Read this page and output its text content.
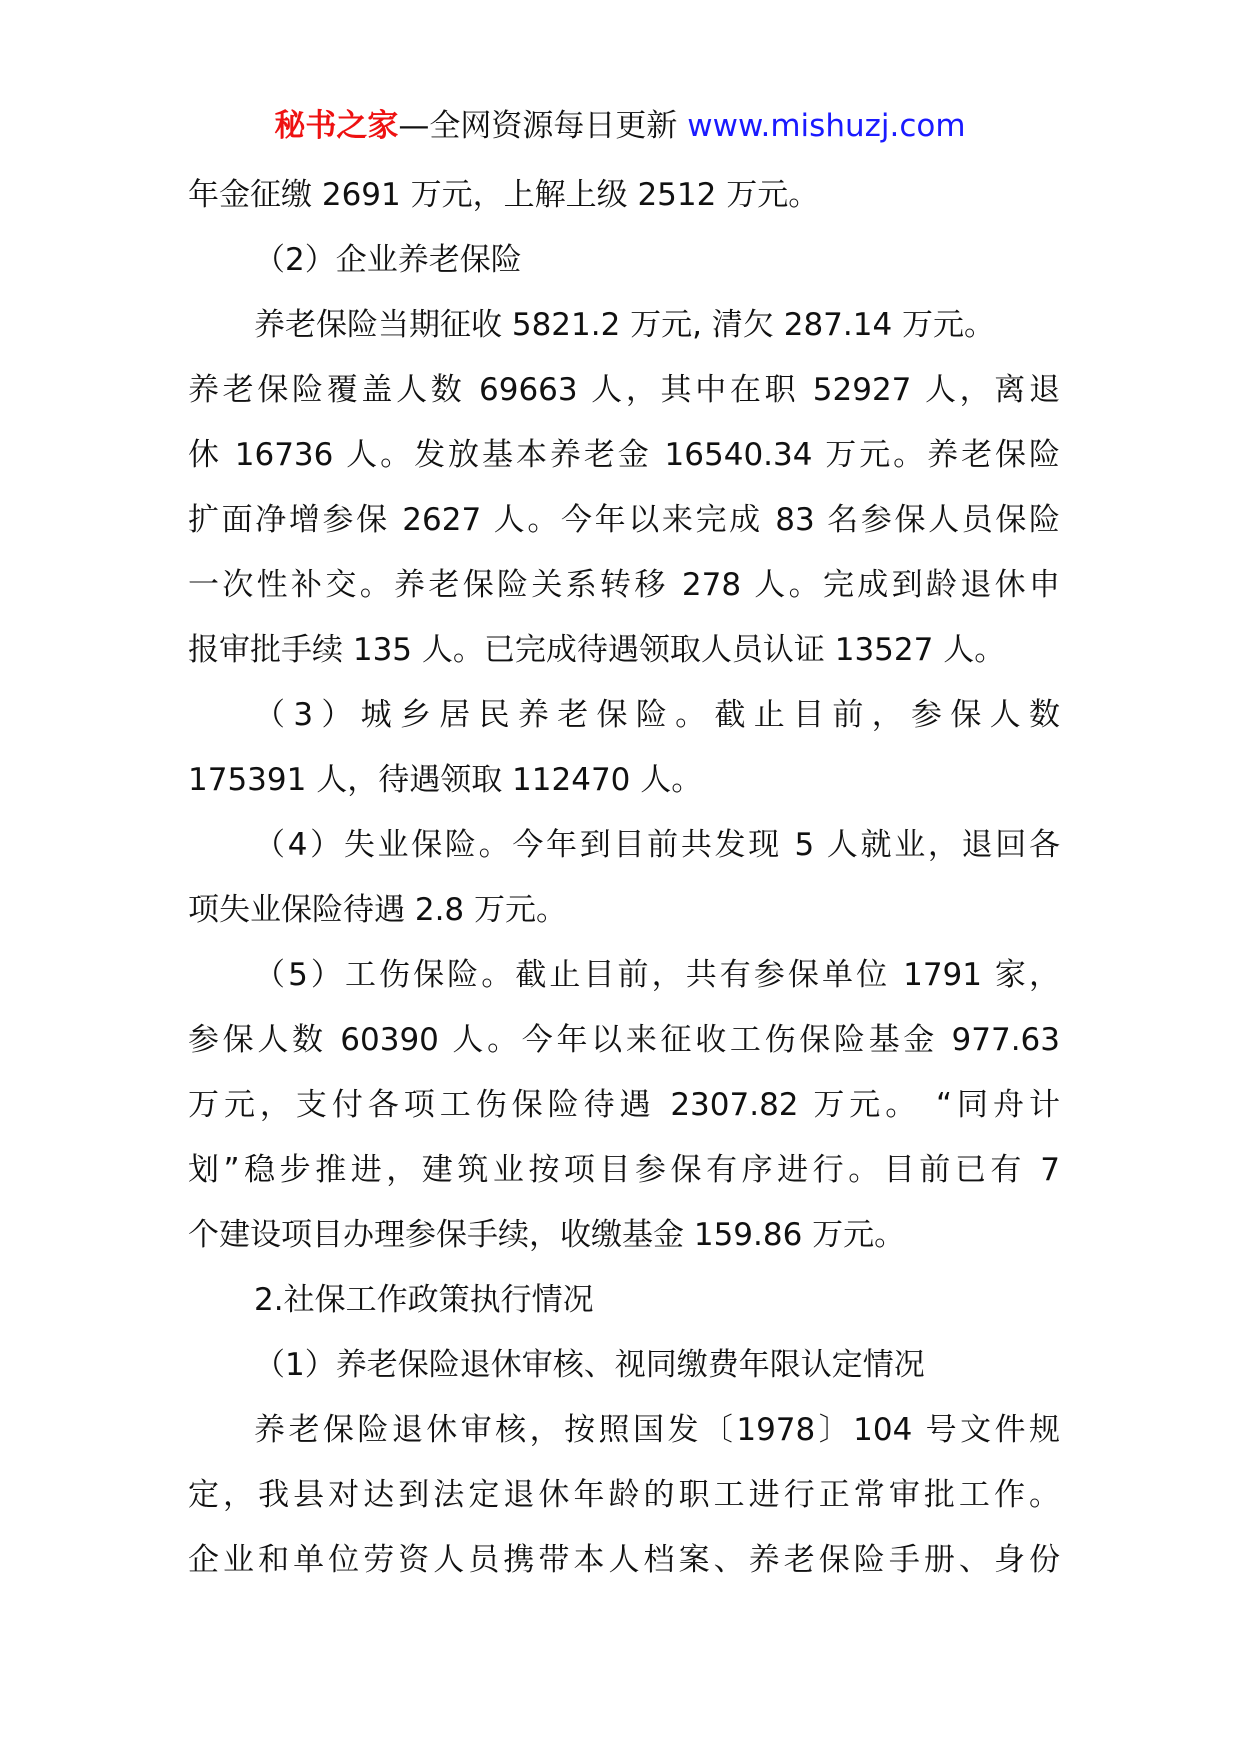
秘书之家—全网资源每日更新 www.mishuzj.com
年金征缴 2691 万元，上解上级 2512 万元。
（2）企业养老保险
养老保险当期征收 5821.2 万元, 清欠 287.14 万元。
养老保险覆盖人数 69663 人，其中在职 52927 人，离退
休 16736 人。发放基本养老金 16540.34 万元。养老保险
扩面净增参保 2627 人。今年以来完成 83 名参保人员保险
一次性补交。养老保险关系转移 278 人。完成到龄退休申
报审批手续 135 人。已完成待遇领取人员认证 13527 人。
（3）城乡居民养老保险。截止目前，参保人数
175391 人，待遇领取 112470 人。
（4）失业保险。今年到目前共发现 5 人就业，退回各
项失业保险待遇 2.8 万元。
（5）工伤保险。截止目前，共有参保单位 1791 家，
参保人数 60390 人。今年以来征收工伤保险基金 977.63
万元，支付各项工伤保险待遇 2307.82 万元。 “同舟计
划”稳步推进，建筑业按项目参保有序进行。目前已有 7
个建设项目办理参保手续，收缴基金 159.86 万元。
2.社保工作政策执行情况
（1）养老保险退休审核、视同缴费年限认定情况
养老保险退休审核，按照国发〔1978〕104 号文件规
定，我县对达到法定退休年龄的职工进行正常审批工作。
企业和单位劳资人员携带本人档案、养老保险手册、身份
